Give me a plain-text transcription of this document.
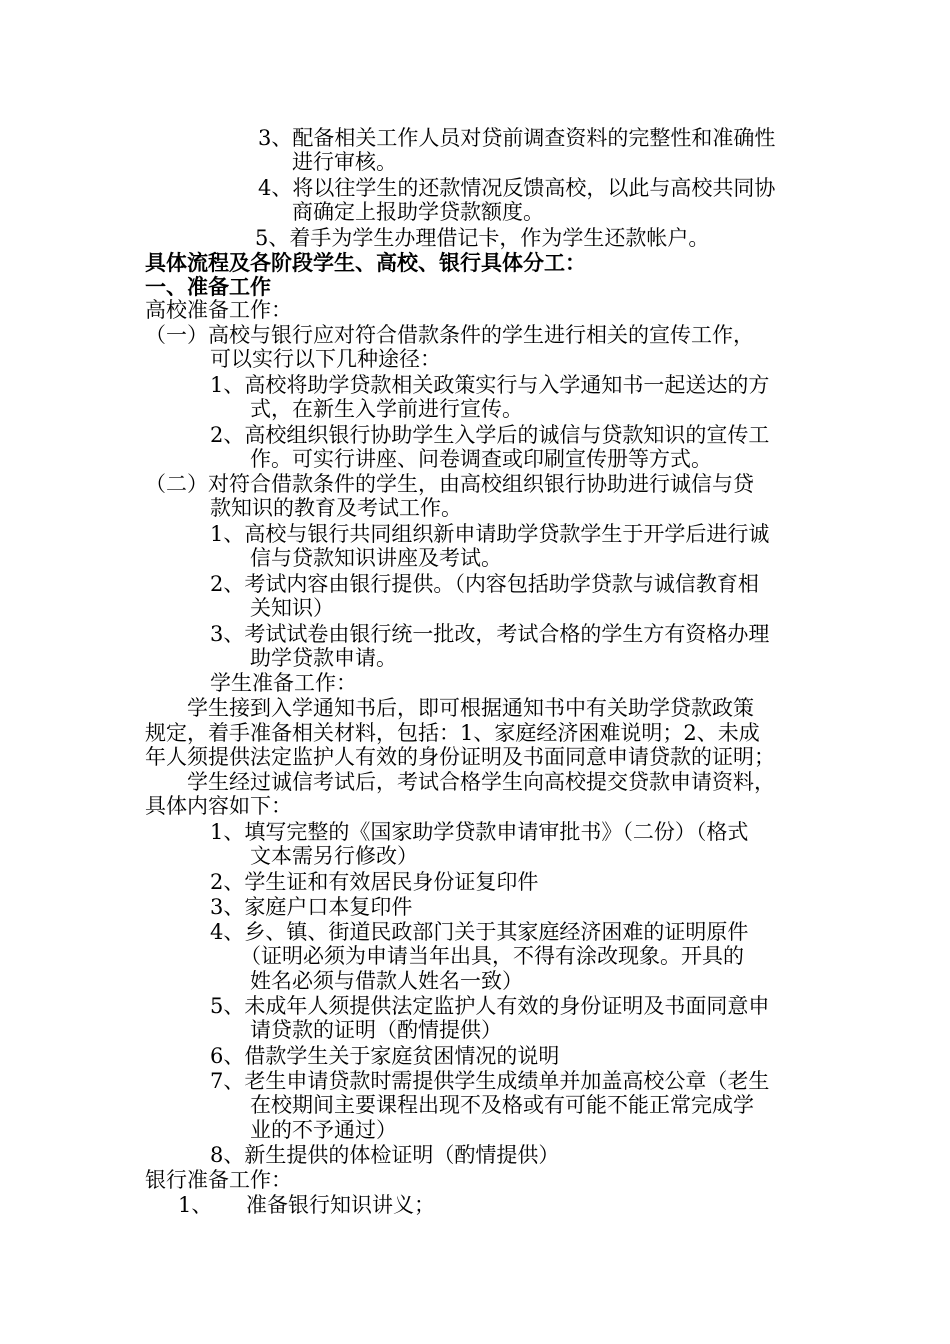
3、配备相关工作人员对贷前调查资料的完整性和准确性
进行审核。
4、将以往学生的还款情况反馈高校，以此与高校共同协
商确定上报助学贷款额度。
5、着手为学生办理借记卡，作为学生还款帐户。
具体流程及各阶段学生、高校、银行具体分工：
一、准备工作
高校准备工作：
（一）高校与银行应对符合借款条件的学生进行相关的宣传工作，
可以实行以下几种途径：
1、高校将助学贷款相关政策实行与入学通知书一起送达的方
式，在新生入学前进行宣传。
2、高校组织银行协助学生入学后的诚信与贷款知识的宣传工
作。可实行讲座、问卷调查或印刷宣传册等方式。
（二）对符合借款条件的学生，由高校组织银行协助进行诚信与贷
款知识的教育及考试工作。
1、高校与银行共同组织新申请助学贷款学生于开学后进行诚
信与贷款知识讲座及考试。
2、考试内容由银行提供。（内容包括助学贷款与诚信教育相
关知识）
3、考试试卷由银行统一批改，考试合格的学生方有资格办理
助学贷款申请。
学生准备工作：
学生接到入学通知书后，即可根据通知书中有关助学贷款政策
规定，着手准备相关材料，包括：1、家庭经济困难说明；2、未成
年人须提供法定监护人有效的身份证明及书面同意申请贷款的证明；
学生经过诚信考试后，考试合格学生向高校提交贷款申请资料，
具体内容如下：
1、填写完整的《国家助学贷款申请审批书》（二份）（格式
文本需另行修改）
2、学生证和有效居民身份证复印件
3、家庭户口本复印件
4、乡、镇、街道民政部门关于其家庭经济困难的证明原件
（证明必须为申请当年出具，不得有涂改现象。开具的
姓名必须与借款人姓名一致）
5、未成年人须提供法定监护人有效的身份证明及书面同意申
请贷款的证明（酌情提供）
6、借款学生关于家庭贫困情况的说明
7、老生申请贷款时需提供学生成绩单并加盖高校公章（老生
在校期间主要课程出现不及格或有可能不能正常完成学
业的不予通过）
8、新生提供的体检证明（酌情提供）
银行准备工作：
1、 准备银行知识讲义；
